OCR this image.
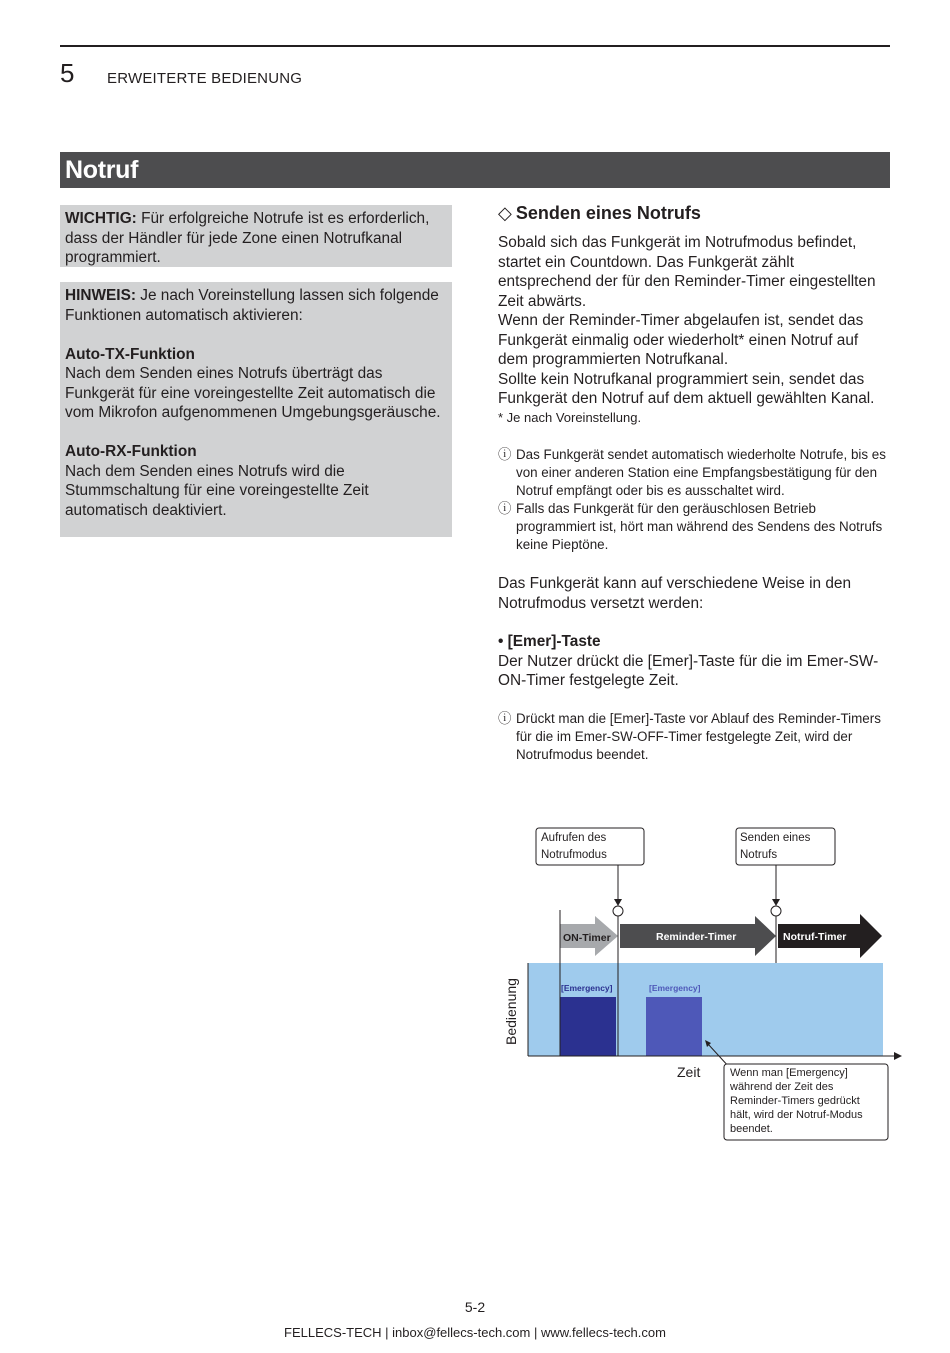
5 ERWEITERTE BEDIENUNG
Notruf

WICHTIG: Für erfolgreiche Notrufe ist es erforderlich, dass der Händler für jede Zone einen Notrufkanal programmiert.

HINWEIS: Je nach Voreinstellung lassen sich folgende Funktionen automatisch aktivieren:

Auto-TX-Funktion

Nach dem Senden eines Notrufs überträgt das Funkgerät für eine voreingestellte Zeit automatisch die vom Mikrofon aufgenommenen Umgebungsgeräusche.

Auto-RX-Funktion

Nach dem Senden eines Notrufs wird die Stummschaltung für eine voreingestellte Zeit automatisch deaktiviert.

◇ Senden eines Notrufs

Sobald sich das Funkgerät im Notrufmodus befindet, startet ein Countdown. Das Funkgerät zählt entsprechend der für den Reminder-Timer eingestellten Zeit abwärts.

Wenn der Reminder-Timer abgelaufen ist, sendet das Funkgerät einmalig oder wiederholt* einen Notruf auf dem programmierten Notrufkanal.

Sollte kein Notrufkanal programmiert sein, sendet das Funkgerät den Notruf auf dem aktuell gewählten Kanal.

* Je nach Voreinstellung.

ⓘ Das Funkgerät sendet automatisch wiederholte Notrufe, bis es von einer anderen Station eine Empfangsbestätigung für den Notruf empfängt oder bis es ausschaltet wird.

ⓘ Falls das Funkgerät für den geräuschlosen Betrieb programmiert ist, hört man während des Sendens des Notrufs keine Pieptöne.

Das Funkgerät kann auf verschiedene Weise in den Notrufmodus versetzt werden:

• [Emer]-Taste

Der Nutzer drückt die [Emer]-Taste für die im Emer-SW-ON-Timer festgelegte Zeit.

ⓘ Drückt man die [Emer]-Taste vor Ablauf des Reminder-Timers für die im Emer-SW-OFF-Timer festgelegte Zeit, wird der Notrufmodus beendet.

Aufrufen des
Notrufmodus
Senden eines
Notrufs
ON-Timer	Reminder-Timer	Notruf-Timer
[Emergency]	[Emergency]
Bedienung
Zeit	Wenn man [Emergency]
während der Zeit des
Reminder-Timers gedrückt
hält, wird der Notruf-Modus
beendet.
5-2
FELLECS-TECH | inbox@fellecs-tech.com | www.fellecs-tech.com
